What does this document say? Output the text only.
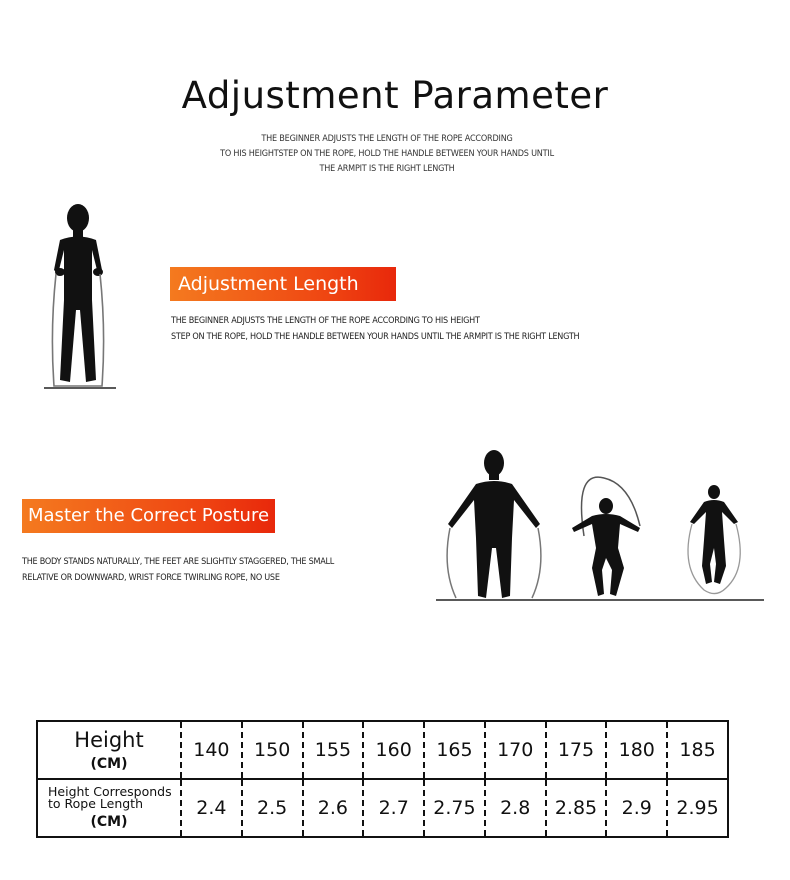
Adjustment Parameter
THE BEGINNER ADJUSTS THE LENGTH OF THE ROPE ACCORDING
TO HIS HEIGHTSTEP ON THE ROPE, HOLD THE HANDLE BETWEEN YOUR HANDS UNTIL
THE ARMPIT IS THE RIGHT LENGTH
Adjustment Length
THE BEGINNER ADJUSTS THE LENGTH OF THE ROPE ACCORDING TO HIS HEIGHT
STEP ON THE ROPE, HOLD THE HANDLE BETWEEN YOUR HANDS UNTIL THE ARMPIT IS THE RIGHT LENGTH
Master the Correct Posture
THE BODY STANDS NATURALLY, THE FEET ARE SLIGHTLY STAGGERED, THE SMALL
RELATIVE OR DOWNWARD, WRIST FORCE TWIRLING ROPE, NO USE
Height
(CM)	140	150	155	160	165	170	175	180	185

Height Corresponds
to Rope Length
(CM)	2.4	2.5	2.6	2.7	2.75	2.8	2.85	2.9	2.95
